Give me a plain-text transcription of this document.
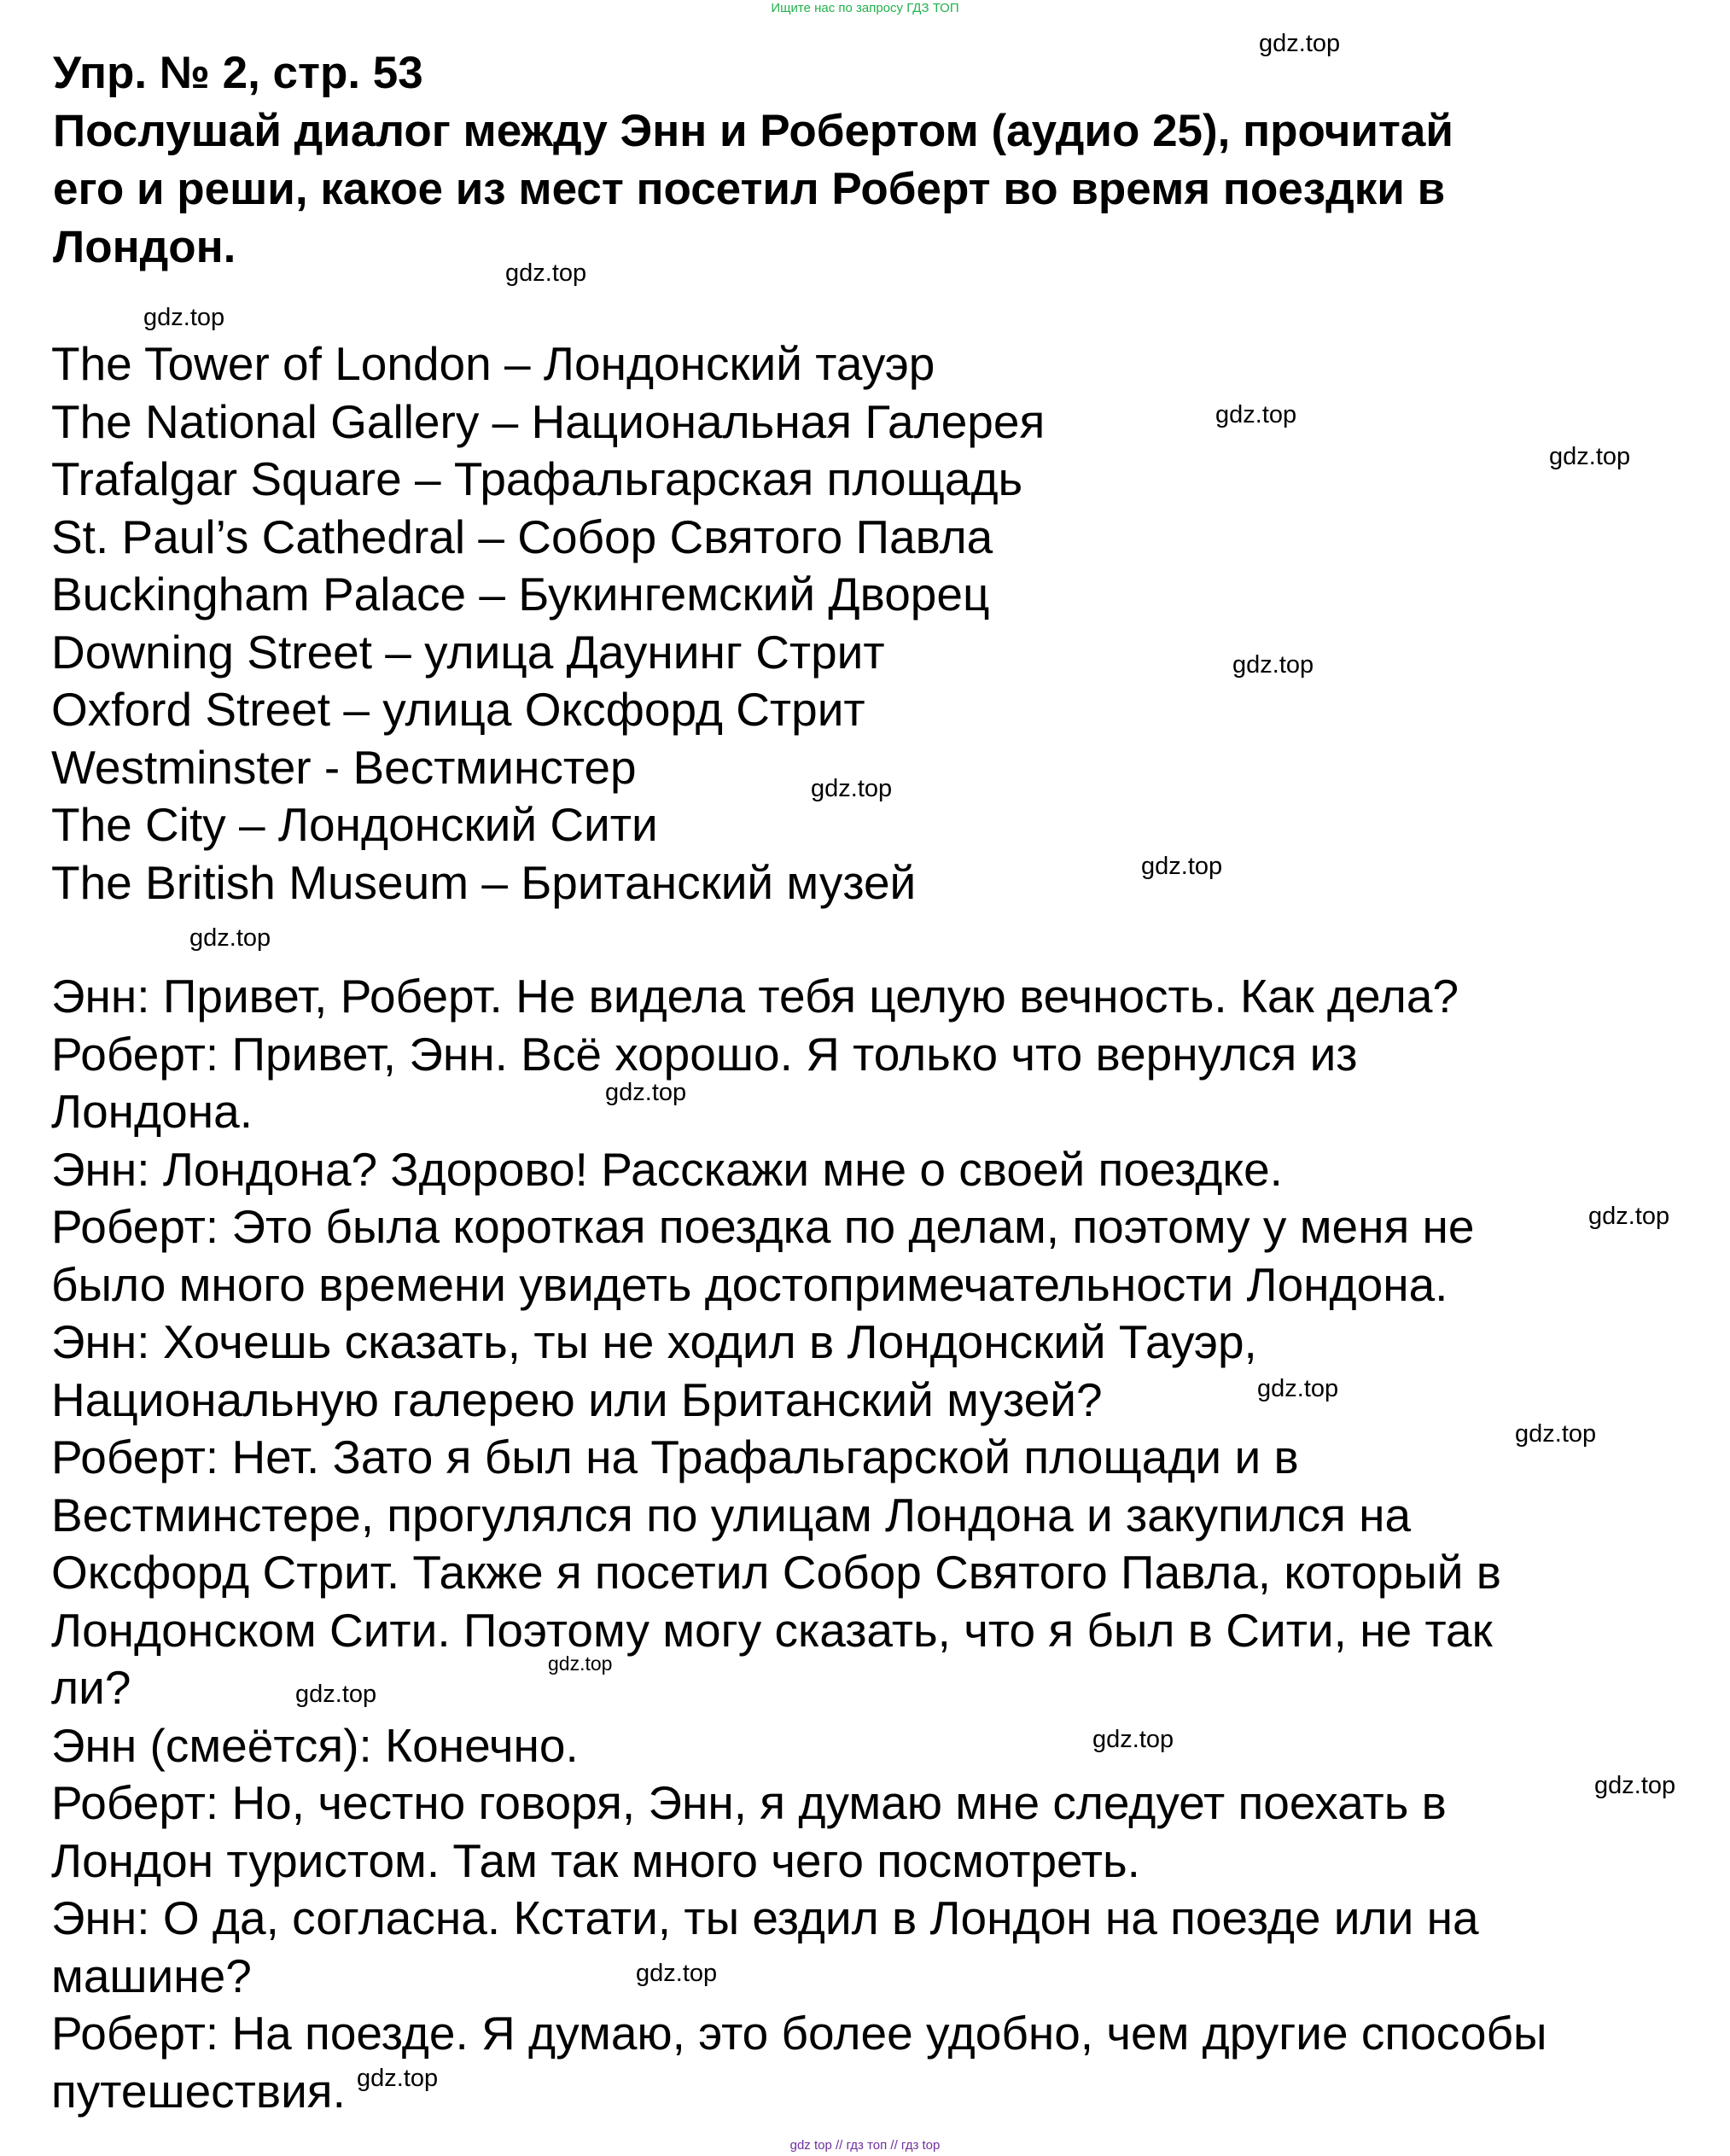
Ищите нас по запросу ГДЗ ТОП
Упр. № 2, стр. 53
Послушай диалог между Энн и Робертом (аудио 25), прочитай
его и реши, какое из мест посетил Роберт во время поездки в
Лондон.
The Tower of London – Лондонский тауэр
The National Gallery – Национальная Галерея
Trafalgar Square – Трафальгарская площадь
St. Paul’s Cathedral – Собор Святого Павла
Buckingham Palace – Букингемский Дворец
Downing Street – улица Даунинг Стрит
Oxford Street – улица Оксфорд Стрит
Westminster - Вестминстер
The City – Лондонский Сити
The British Museum – Британский музей
Энн: Привет, Роберт. Не видела тебя целую вечность. Как дела?
Роберт: Привет, Энн. Всё хорошо. Я только что вернулся из
Лондона.
Энн: Лондона? Здорово! Расскажи мне о своей поездке.
Роберт: Это была короткая поездка по делам, поэтому у меня не
было много времени увидеть достопримечательности Лондона.
Энн: Хочешь сказать, ты не ходил в Лондонский Тауэр,
Национальную галерею или Британский музей?
Роберт: Нет. Зато я был на Трафальгарской площади и в
Вестминстере, прогулялся по улицам Лондона и закупился на
Оксфорд Стрит. Также я посетил Собор Святого Павла, который в
Лондонском Сити. Поэтому могу сказать, что я был в Сити, не так
ли?
Энн (смеётся): Конечно.
Роберт: Но, честно говоря, Энн, я думаю мне следует поехать в
Лондон туристом. Там так много чего посмотреть.
Энн: О да, согласна. Кстати, ты ездил в Лондон на поезде или на
машине?
Роберт: На поезде. Я думаю, это более удобно, чем другие способы
путешествия.
gdz.top
gdz.top
gdz.top
gdz.top
gdz.top
gdz.top
gdz.top
gdz.top
gdz.top
gdz.top
gdz.top
gdz.top
gdz.top
gdz.top
gdz.top
gdz.top
gdz.top
gdz.top
gdz.top
gdz top // гдз топ // гдз top
